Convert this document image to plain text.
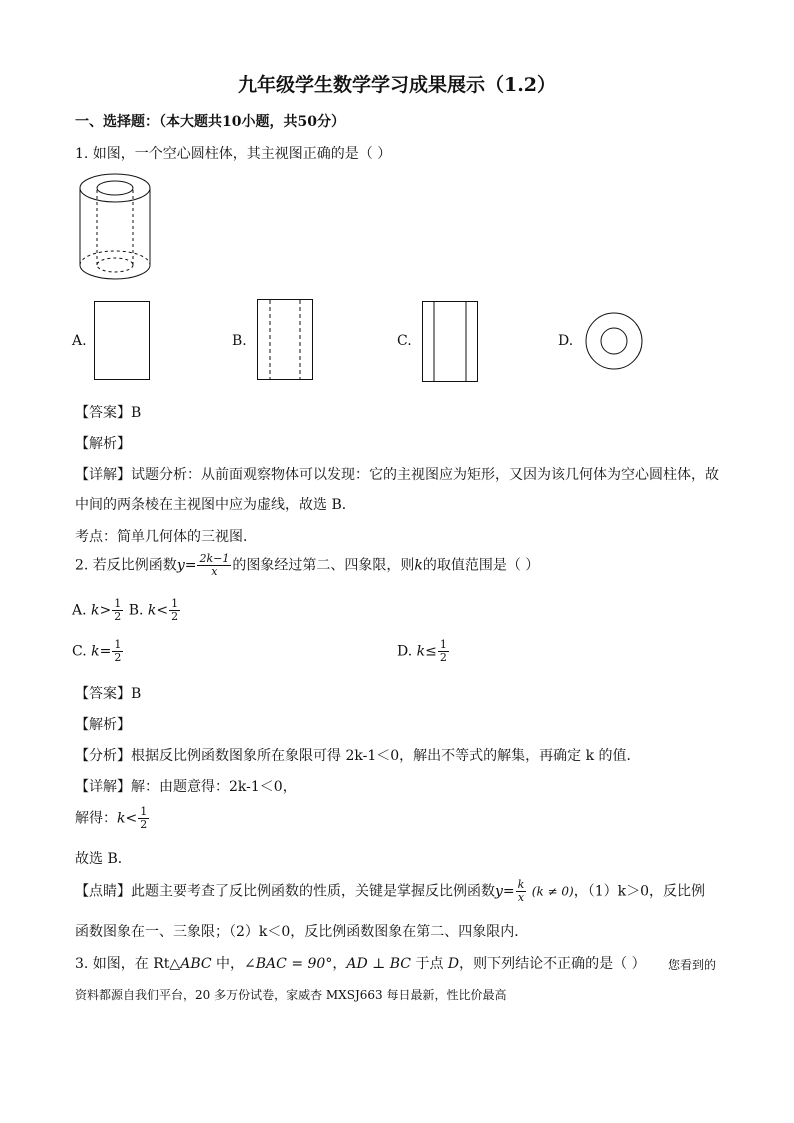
九年级学生数学学习成果展示（1.2）
一、选择题：（本大题共10小题，共50分）
1. 如图，一个空心圆柱体，其主视图正确的是（ ）
A.	B.	C.	D.
【答案】B
【解析】
【详解】试题分析：从前面观察物体可以发现：它的主视图应为矩形，又因为该几何体为空心圆柱体，故
中间的两条棱在主视图中应为虚线，故选 B．
考点：简单几何体的三视图．
2. 若反比例函数$y= \frac{2k-1}{x}$ 的图象经过第二、四象限，则k的取值范围是（ ）
A. $k> \frac{1}{2} B$. $k< \frac{1}{2}$
C. $k= \frac{1}{2}$	D. $k\le \frac{1}{2}$
【答案】B
【解析】
【分析】根据反比例函数图象所在象限可得 2k-1＜0，解出不等式的解集，再确定 k 的值．
【详解】解：由题意得：2k-1＜0，
解得：$k< \frac{1}{2}$
故选 B．
【点睛】此题主要考查了反比例函数的性质，关键是掌握反比例函数$y= \frac{k}{x} (k \ne 0)$，（1）k＞0，反比例
函数图象在一、三象限；（2）k＜0，反比例函数图象在第二、四象限内．
3. 如图，在 Rt△ABC 中，∠BAC = 90°，AD ⊥ BC 于点 D，则下列结论不正确的是（ ） 您看到的
资料都源自我们平台，20 多万份试卷，家威杏 MXSJ663 每日最新，性比价最高
